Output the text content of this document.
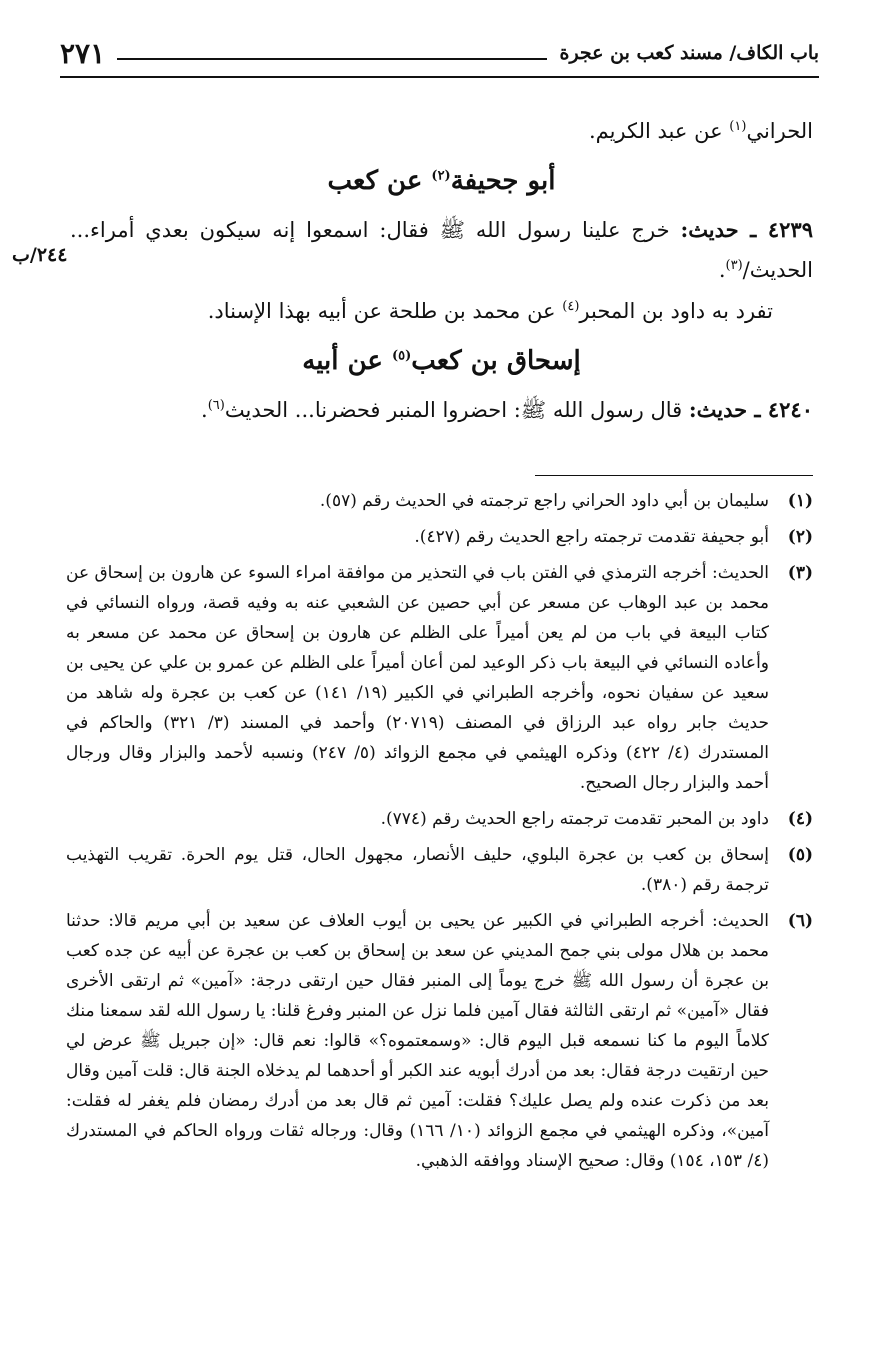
باب الكاف/ مسند كعب بن عجرة
٢٧١
٢٤٤/ب

الحراني$^{(١)}$ عن عبد الكريم.

أبو جحيفة$^{(٢)}$ عن كعب

٤٢٣٩ ـ حديث: خرج علينا رسول الله ﷺ فقال: اسمعوا إنه سيكون بعدي أمراء... الحديث/$^{(٣)}$.

تفرد به داود بن المحبر$^{(٤)}$ عن محمد بن طلحة عن أبيه بهذا الإسناد.

إسحاق بن كعب$^{(٥)}$ عن أبيه

٤٢٤٠ ـ حديث: قال رسول الله ﷺ: احضروا المنبر فحضرنا... الحديث$^{(٦)}$.

(١)
سليمان بن أبي داود الحراني راجع ترجمته في الحديث رقم (٥٧).
(٢)
أبو جحيفة تقدمت ترجمته راجع الحديث رقم (٤٢٧).
(٣)
الحديث: أخرجه الترمذي في الفتن باب في التحذير من موافقة امراء السوء عن هارون بن إسحاق عن محمد بن عبد الوهاب عن مسعر عن أبي حصين عن الشعبي عنه به وفيه قصة، ورواه النسائي في كتاب البيعة في باب من لم يعن أميراً على الظلم عن هارون بن إسحاق عن محمد عن مسعر به وأعاده النسائي في البيعة باب ذكر الوعيد لمن أعان أميراً على الظلم عن عمرو بن علي عن يحيى بن سعيد عن سفيان نحوه، وأخرجه الطبراني في الكبير (١٩/ ١٤١) عن كعب بن عجرة وله شاهد من حديث جابر رواه عبد الرزاق في المصنف (٢٠٧١٩) وأحمد في المسند (٣/ ٣٢١) والحاكم في المستدرك (٤/ ٤٢٢) وذكره الهيثمي في مجمع الزوائد (٥/ ٢٤٧) ونسبه لأحمد والبزار وقال ورجال أحمد والبزار رجال الصحيح.
(٤)
داود بن المحبر تقدمت ترجمته راجع الحديث رقم (٧٧٤).
(٥)
إسحاق بن كعب بن عجرة البلوي، حليف الأنصار، مجهول الحال، قتل يوم الحرة. تقريب التهذيب ترجمة رقم (٣٨٠).
(٦)
الحديث: أخرجه الطبراني في الكبير عن يحيى بن أيوب العلاف عن سعيد بن أبي مريم قالا: حدثنا محمد بن هلال مولى بني جمح المديني عن سعد بن إسحاق بن كعب بن عجرة عن أبيه عن جده كعب بن عجرة أن رسول الله ﷺ خرج يوماً إلى المنبر فقال حين ارتقى درجة: «آمين» ثم ارتقى الأخرى فقال «آمين» ثم ارتقى الثالثة فقال آمين فلما نزل عن المنبر وفرغ قلنا: يا رسول الله لقد سمعنا منك كلاماً اليوم ما كنا نسمعه قبل اليوم قال: «وسمعتموه؟» قالوا: نعم قال: «إن جبريل ﷺ عرض لي حين ارتقيت درجة فقال: بعد من أدرك أبويه عند الكبر أو أحدهما لم يدخلاه الجنة قال: قلت آمين وقال بعد من ذكرت عنده ولم يصل عليك؟ فقلت: آمين ثم قال بعد من أدرك رمضان فلم يغفر له فقلت: آمين»، وذكره الهيثمي في مجمع الزوائد (١٠/ ١٦٦) وقال: ورجاله ثقات ورواه الحاكم في المستدرك (٤/ ١٥٣، ١٥٤) وقال: صحيح الإسناد ووافقه الذهبي.
